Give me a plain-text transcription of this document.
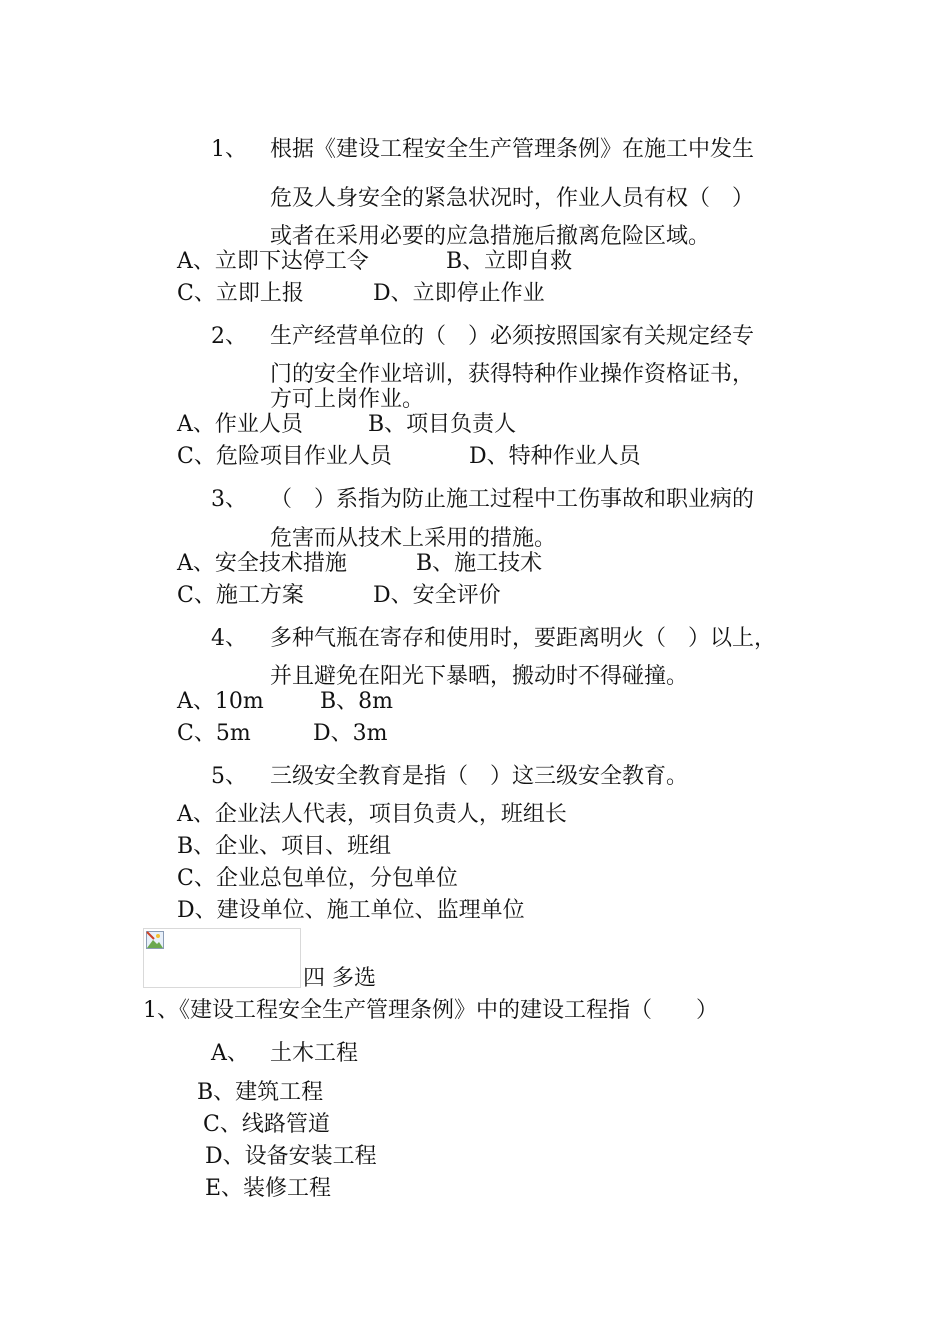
1、 根据《建设工程安全生产管理条例》在施工中发生
危及人身安全的紧急状况时，作业人员有权（　）
或者在采用必要的应急措施后撤离危险区域。
A、立即下达停工令	B、立即自救
C、立即上报	D、立即停止作业
2、 生产经营单位的（　）必须按照国家有关规定经专
门的安全作业培训，获得特种作业操作资格证书，
方可上岗作业。
A、作业人员	B、项目负责人
C、危险项目作业人员	D、特种作业人员
3、 （　）系指为防止施工过程中工伤事故和职业病的
危害而从技术上采用的措施。
A、安全技术措施	B、施工技术
C、施工方案	D、安全评价
4、 多种气瓶在寄存和使用时，要距离明火（　）以上，
并且避免在阳光下暴晒，搬动时不得碰撞。
A、10m	B、8m
C、5m	D、3m
5、 三级安全教育是指（　）这三级安全教育。
A、企业法人代表，项目负责人，班组长
B、企业、项目、班组
C、企业总包单位，分包单位
D、建设单位、施工单位、监理单位
四 多选
1、《建设工程安全生产管理条例》中的建设工程指（　　）
A、 土木工程
B、建筑工程
C、线路管道
D、设备安装工程
E、装修工程
